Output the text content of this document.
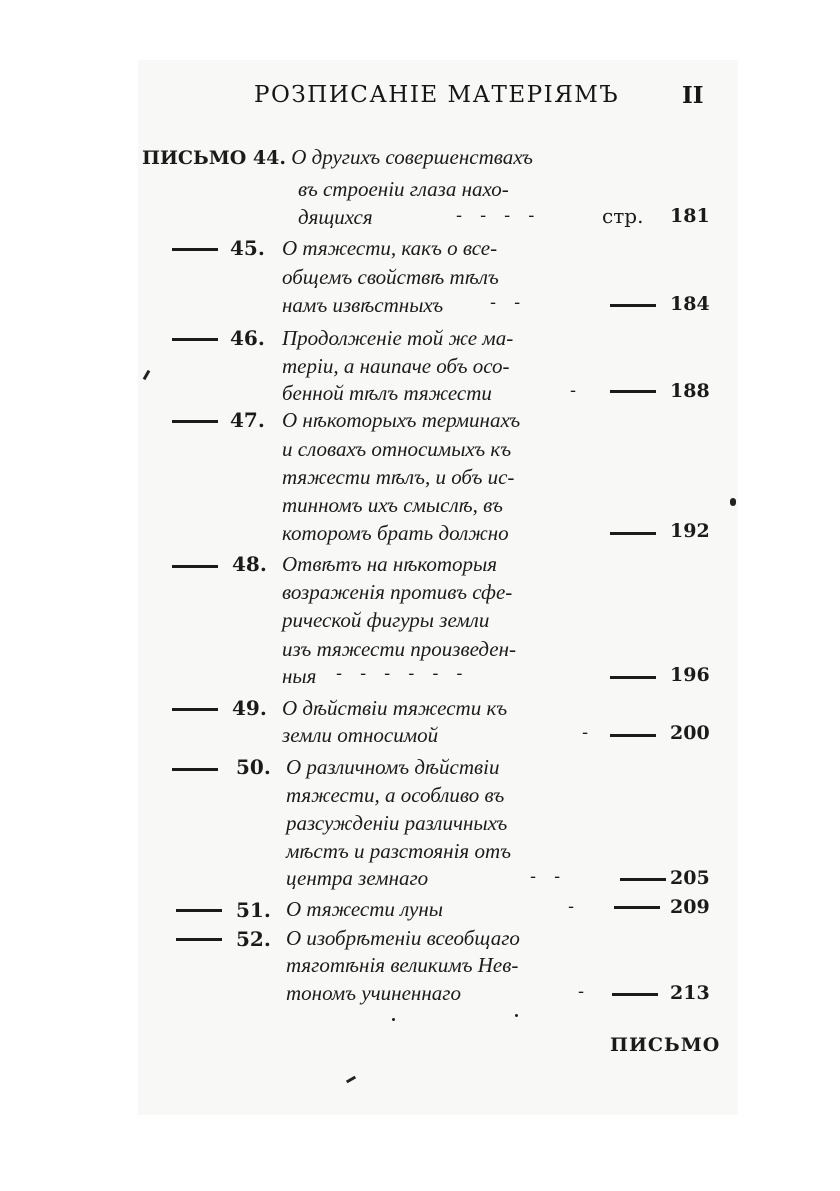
РОЗПИСАНІЕ МАТЕРІЯМЪ	II
ПИСЬМО 44. О другихъ совершенствахъ
въ строеніи глаза нахо-
дящихся	‐‐‐‐ стр. 181
45. О тяжести, какъ о все-
общемъ свойствѣ тѣлъ
намъ извѣстныхъ	‐‐	184
46. Продолженіе той же ма-
теріи, а наипаче объ осо-
бенной тѣлъ тяжести	‐	188
47. О нѣкоторыхъ терминахъ
и словахъ относимыхъ къ
тяжести тѣлъ, и объ ис-
тинномъ ихъ смыслѣ, въ
которомъ брать должно	192
48. Отвѣтъ на нѣкоторыя
возраженія противъ сфе-
рической фигуры земли
изъ тяжести произведен-
ныя ‐‐‐‐‐‐	196
49. О дѣйствіи тяжести къ
земли относимой	‐	200
50. О различномъ дѣйствіи
тяжести, а особливо въ
разсужденіи различныхъ
мѣстъ и разстоянія отъ
центра земнаго	‐‐	205
51. О тяжести луны	‐	209
52. О изобрѣтеніи всеобщаго
тяготѣнія великимъ Нев-
тономъ учиненнаго	‐	213
ПИСЬМО
